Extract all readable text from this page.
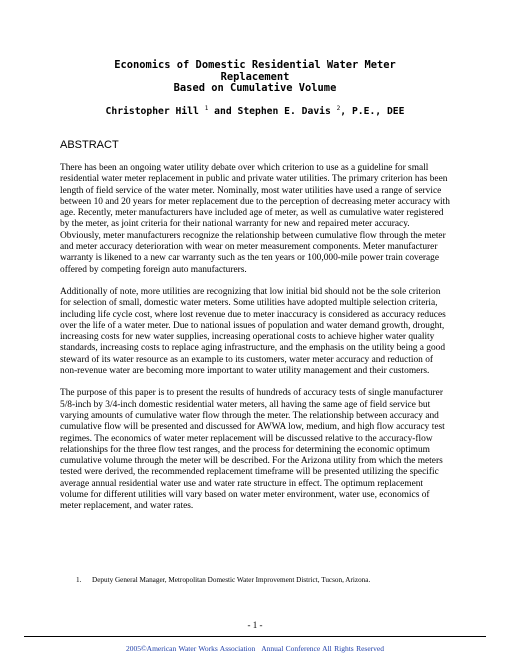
Economics of Domestic Residential Water Meter
Replacement
Based on Cumulative Volume
Christopher Hill $^1$ and Stephen E. Davis $^2$, P.E., DEE
ABSTRACT

There has been an ongoing water utility debate over which criterion to use as a guideline for small residential water meter replacement in public and private water utilities. The primary criterion has been length of field service of the water meter. Nominally, most water utilities have used a range of service between 10 and 20 years for meter replacement due to the perception of decreasing meter accuracy with age. Recently, meter manufacturers have included age of meter, as well as cumulative water registered by the meter, as joint criteria for their national warranty for new and repaired meter accuracy. Obviously, meter manufacturers recognize the relationship between cumulative flow through the meter and meter accuracy deterioration with wear on meter measurement components. Meter manufacturer warranty is likened to a new car warranty such as the ten years or 100,000-mile power train coverage offered by competing foreign auto manufacturers.

Additionally of note, more utilities are recognizing that low initial bid should not be the sole criterion for selection of small, domestic water meters. Some utilities have adopted multiple selection criteria, including life cycle cost, where lost revenue due to meter inaccuracy is considered as accuracy reduces over the life of a water meter. Due to national issues of population and water demand growth, drought, increasing costs for new water supplies, increasing operational costs to achieve higher water quality standards, increasing costs to replace aging infrastructure, and the emphasis on the utility being a good steward of its water resource as an example to its customers, water meter accuracy and reduction of non-revenue water are becoming more important to water utility management and their customers.

The purpose of this paper is to present the results of hundreds of accuracy tests of single manufacturer 5/8-inch by 3/4-inch domestic residential water meters, all having the same age of field service but varying amounts of cumulative water flow through the meter. The relationship between accuracy and cumulative flow will be presented and discussed for AWWA low, medium, and high flow accuracy test regimes. The economics of water meter replacement will be discussed relative to the accuracy-flow relationships for the three flow test ranges, and the process for determining the economic optimum cumulative volume through the meter will be described. For the Arizona utility from which the meters tested were derived, the recommended replacement timeframe will be presented utilizing the specific average annual residential water use and water rate structure in effect. The optimum replacement volume for different utilities will vary based on water meter environment, water use, economics of meter replacement, and water rates.

1. Deputy General Manager, Metropolitan Domestic Water Improvement District, Tucson, Arizona.
- 1 -
2005©American Water Works Association Annual Conference All Rights Reserved
